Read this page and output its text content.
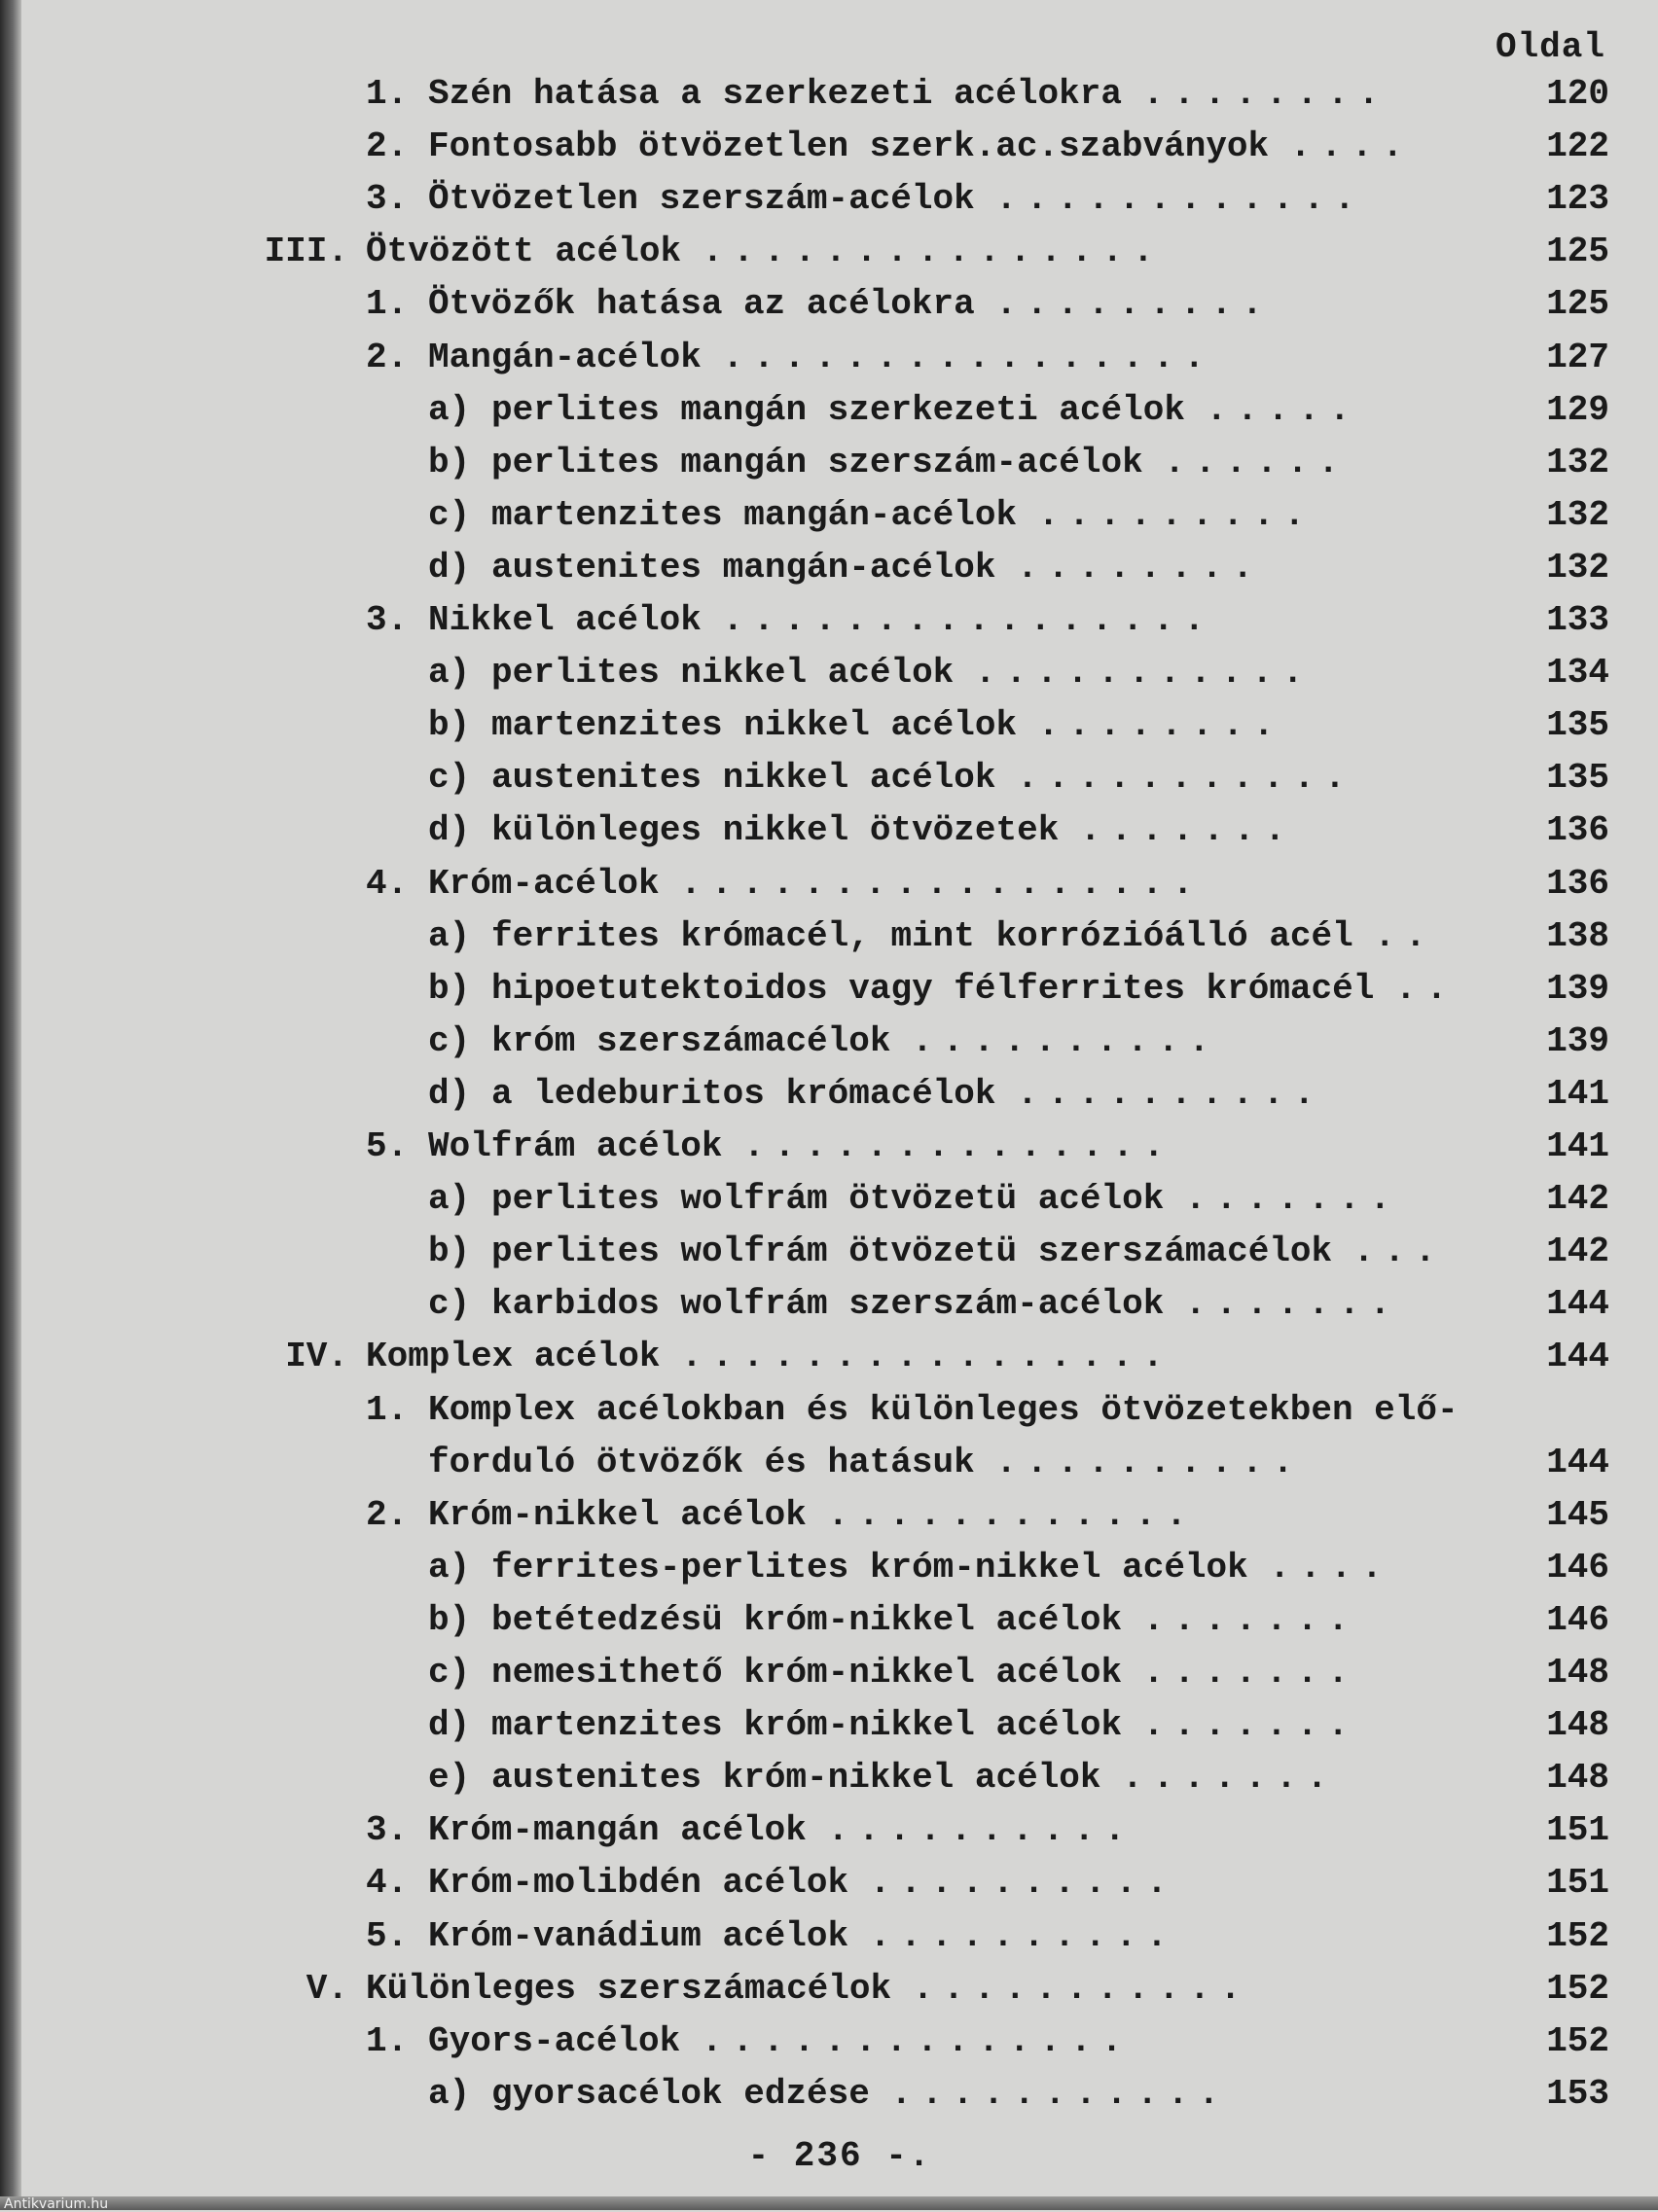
Oldal
1. Szén hatása a szerkezeti acélokra ........	120
2. Fontosabb ötvözetlen szerk.ac.szabványok ....	122
3. Ötvözetlen szerszám-acélok ............	123
III. Ötvözött acélok ...............	125
1. Ötvözők hatása az acélokra .........	125
2. Mangán-acélok ................	127
a) perlites mangán szerkezeti acélok .....	129
b) perlites mangán szerszám-acélok ......	132
c) martenzites mangán-acélok .........	132
d) austenites mangán-acélok ........	132
3. Nikkel acélok ................	133
a) perlites nikkel acélok ...........	134
b) martenzites nikkel acélok ........	135
c) austenites nikkel acélok ...........	135
d) különleges nikkel ötvözetek .......	136
4. Króm-acélok .................	136
a) ferrites krómacél, mint korrózióálló acél ..	138
b) hipoetutektoidos vagy félferrites krómacél ..	139
c) króm szerszámacélok ..........	139
d) a ledeburitos krómacélok ..........	141
5. Wolfrám acélok ..............	141
a) perlites wolfrám ötvözetü acélok .......	142
b) perlites wolfrám ötvözetü szerszámacélok ...	142
c) karbidos wolfrám szerszám-acélok .......	144
IV. Komplex acélok ................	144
1. Komplex acélokban és különleges ötvözetekben elő-
forduló ötvözők és hatásuk ..........	144
2. Króm-nikkel acélok ............	145
a) ferrites-perlites króm-nikkel acélok ....	146
b) betétedzésü króm-nikkel acélok .......	146
c) nemesithető króm-nikkel acélok .......	148
d) martenzites króm-nikkel acélok .......	148
e) austenites króm-nikkel acélok .......	148
3. Króm-mangán acélok ..........	151
4. Króm-molibdén acélok ..........	151
5. Króm-vanádium acélok ..........	152
V. Különleges szerszámacélok ...........	152
1. Gyors-acélok ..............	152
a) gyorsacélok edzése ...........	153
- 236 -.
Antikvarium.hu
